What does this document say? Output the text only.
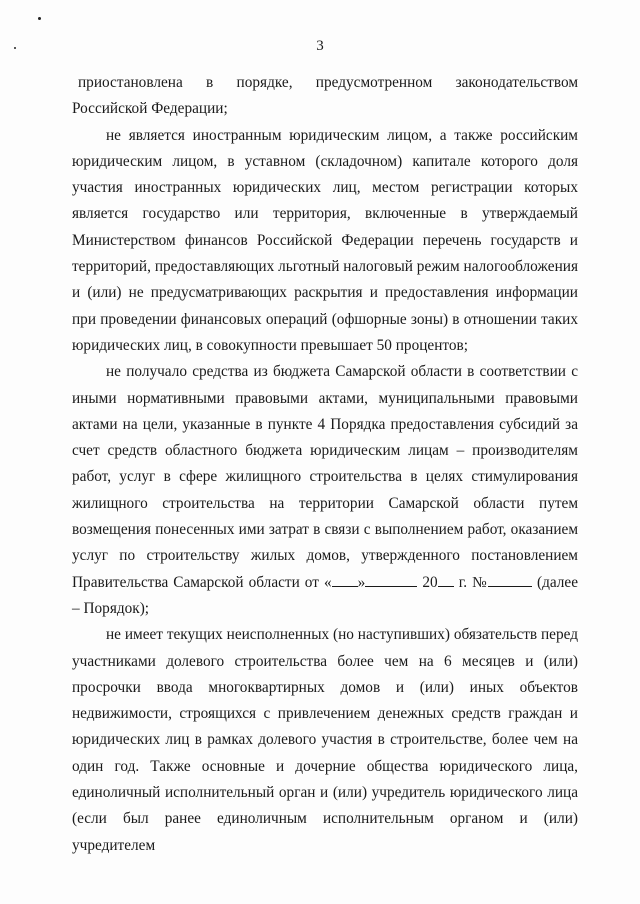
3

приостановлена в порядке, предусмотренном законодательством Российской Федерации;

не является иностранным юридическим лицом, а также российским юридическим лицом, в уставном (складочном) капитале которого доля участия иностранных юридических лиц, местом регистрации которых является государство или территория, включенные в утверждаемый Министерством финансов Российской Федерации перечень государств и территорий, предоставляющих льготный налоговый режим налогообложения и (или) не предусматривающих раскрытия и предоставления информации при проведении финансовых операций (офшорные зоны) в отношении таких юридических лиц, в совокупности превышает 50 процентов;

не получало средства из бюджета Самарской области в соответствии с иными нормативными правовыми актами, муниципальными правовыми актами на цели, указанные в пункте 4 Порядка предоставления субсидий за счет средств областного бюджета юридическим лицам – производителям работ, услуг в сфере жилищного строительства в целях стимулирования жилищного строительства на территории Самарской области путем возмещения понесенных ими затрат в связи с выполнением работ, оказанием услуг по строительству жилых домов, утвержденного постановлением Правительства Самарской области от « »	20 г. №	(далее – Порядок);

не имеет текущих неисполненных (но наступивших) обязательств перед участниками долевого строительства более чем на 6 месяцев и (или) просрочки ввода многоквартирных домов и (или) иных объектов недвижимости, строящихся с привлечением денежных средств граждан и юридических лиц в рамках долевого участия в строительстве, более чем на один год. Также основные и дочерние общества юридического лица, единоличный исполнительный орган и (или) учредитель юридического лица (если был ранее единоличным исполнительным органом и (или) учредителем
